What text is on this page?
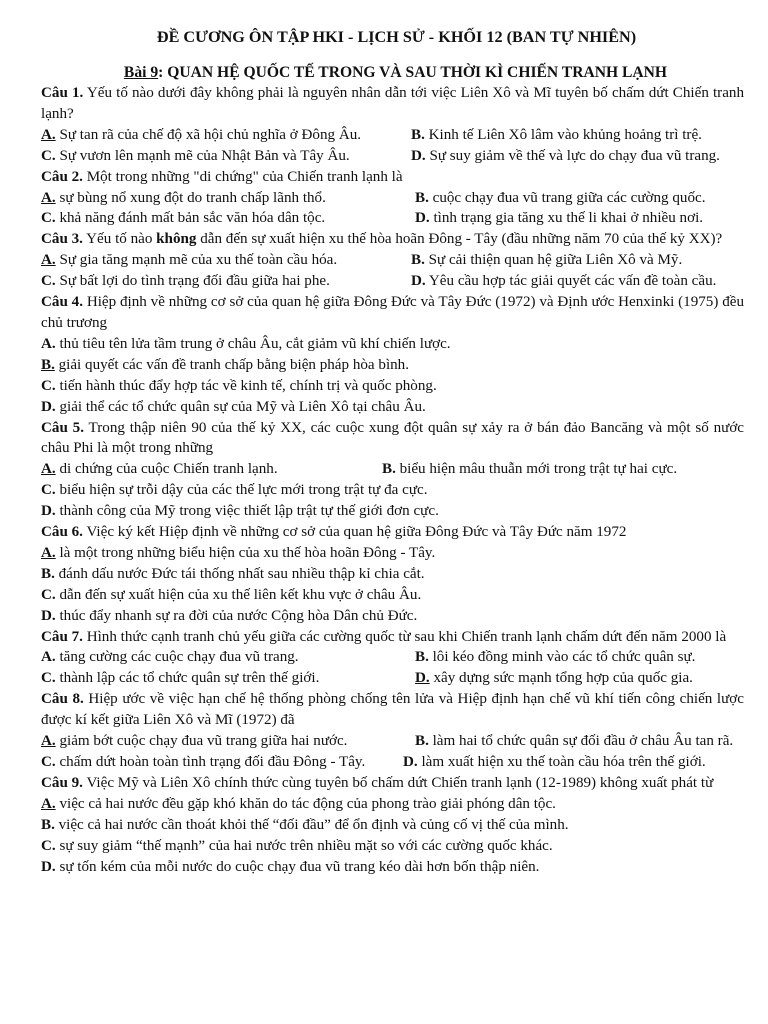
ĐỀ CƯƠNG ÔN TẬP HKI - LỊCH SỬ - KHỐI 12 (BAN TỰ NHIÊN)
Bài 9: QUAN HỆ QUỐC TẾ TRONG VÀ SAU THỜI KÌ CHIẾN TRANH LẠNH

Câu 1. Yếu tố nào dưới đây không phải là nguyên nhân dẫn tới việc Liên Xô và Mĩ tuyên bố chấm dứt Chiến tranh lạnh?

A. Sự tan rã của chế độ xã hội chủ nghĩa ở Đông Âu.	B. Kinh tế Liên Xô lâm vào khủng hoảng trì trệ.
C. Sự vươn lên mạnh mẽ của Nhật Bản và Tây Âu.	D. Sự suy giảm về thế và lực do chạy đua vũ trang.

Câu 2. Một trong những "di chứng" của Chiến tranh lạnh là

A. sự bùng nổ xung đột do tranh chấp lãnh thổ.	B. cuộc chạy đua vũ trang giữa các cường quốc.
C. khả năng đánh mất bản sắc văn hóa dân tộc.	D. tình trạng gia tăng xu thế li khai ở nhiều nơi.

Câu 3. Yếu tố nào không dẫn đến sự xuất hiện xu thế hòa hoãn Đông - Tây (đầu những năm 70 của thế kỷ XX)?

A. Sự gia tăng mạnh mẽ của xu thế toàn cầu hóa.	B. Sự cải thiện quan hệ giữa Liên Xô và Mỹ.
C. Sự bất lợi do tình trạng đối đầu giữa hai phe.	D. Yêu cầu hợp tác giải quyết các vấn đề toàn cầu.

Câu 4. Hiệp định về những cơ sở của quan hệ giữa Đông Đức và Tây Đức (1972) và Định ước Henxinki (1975) đều chủ trương

A. thủ tiêu tên lửa tầm trung ở châu Âu, cắt giảm vũ khí chiến lược.

B. giải quyết các vấn đề tranh chấp bằng biện pháp hòa bình.

C. tiến hành thúc đẩy hợp tác về kinh tế, chính trị và quốc phòng.

D. giải thể các tổ chức quân sự của Mỹ và Liên Xô tại châu Âu.

Câu 5. Trong thập niên 90 của thế kỷ XX, các cuộc xung đột quân sự xảy ra ở bán đảo Bancăng và một số nước châu Phi là một trong những

A. di chứng của cuộc Chiến tranh lạnh.	B. biểu hiện mâu thuẫn mới trong trật tự hai cực.

C. biểu hiện sự trỗi dậy của các thế lực mới trong trật tự đa cực.

D. thành công của Mỹ trong việc thiết lập trật tự thế giới đơn cực.

Câu 6. Việc ký kết Hiệp định về những cơ sở của quan hệ giữa Đông Đức và Tây Đức năm 1972

A. là một trong những biểu hiện của xu thế hòa hoãn Đông - Tây.

B. đánh dấu nước Đức tái thống nhất sau nhiều thập kỉ chia cắt.

C. dẫn đến sự xuất hiện của xu thế liên kết khu vực ở châu Âu.

D. thúc đẩy nhanh sự ra đời của nước Cộng hòa Dân chủ Đức.

Câu 7. Hình thức cạnh tranh chủ yếu giữa các cường quốc từ sau khi Chiến tranh lạnh chấm dứt đến năm 2000 là

A. tăng cường các cuộc chạy đua vũ trang.	B. lôi kéo đồng minh vào các tổ chức quân sự.
C. thành lập các tổ chức quân sự trên thế giới.	D. xây dựng sức mạnh tổng hợp của quốc gia.

Câu 8. Hiệp ước về việc hạn chế hệ thống phòng chống tên lửa và Hiệp định hạn chế vũ khí tiến công chiến lược được kí kết giữa Liên Xô và Mĩ (1972) đã

A. giảm bớt cuộc chạy đua vũ trang giữa hai nước.	B. làm hai tổ chức quân sự đối đầu ở châu Âu tan rã.
C. chấm dứt hoàn toàn tình trạng đối đầu Đông - Tây.	D. làm xuất hiện xu thế toàn cầu hóa trên thế giới.

Câu 9. Việc Mỹ và Liên Xô chính thức cùng tuyên bố chấm dứt Chiến tranh lạnh (12-1989) không xuất phát từ

A. việc cả hai nước đều gặp khó khăn do tác động của phong trào giải phóng dân tộc.

B. việc cả hai nước cần thoát khỏi thế “đối đầu” để ổn định và củng cố vị thế của mình.

C. sự suy giảm “thế mạnh” của hai nước trên nhiều mặt so với các cường quốc khác.

D. sự tốn kém của mỗi nước do cuộc chạy đua vũ trang kéo dài hơn bốn thập niên.
